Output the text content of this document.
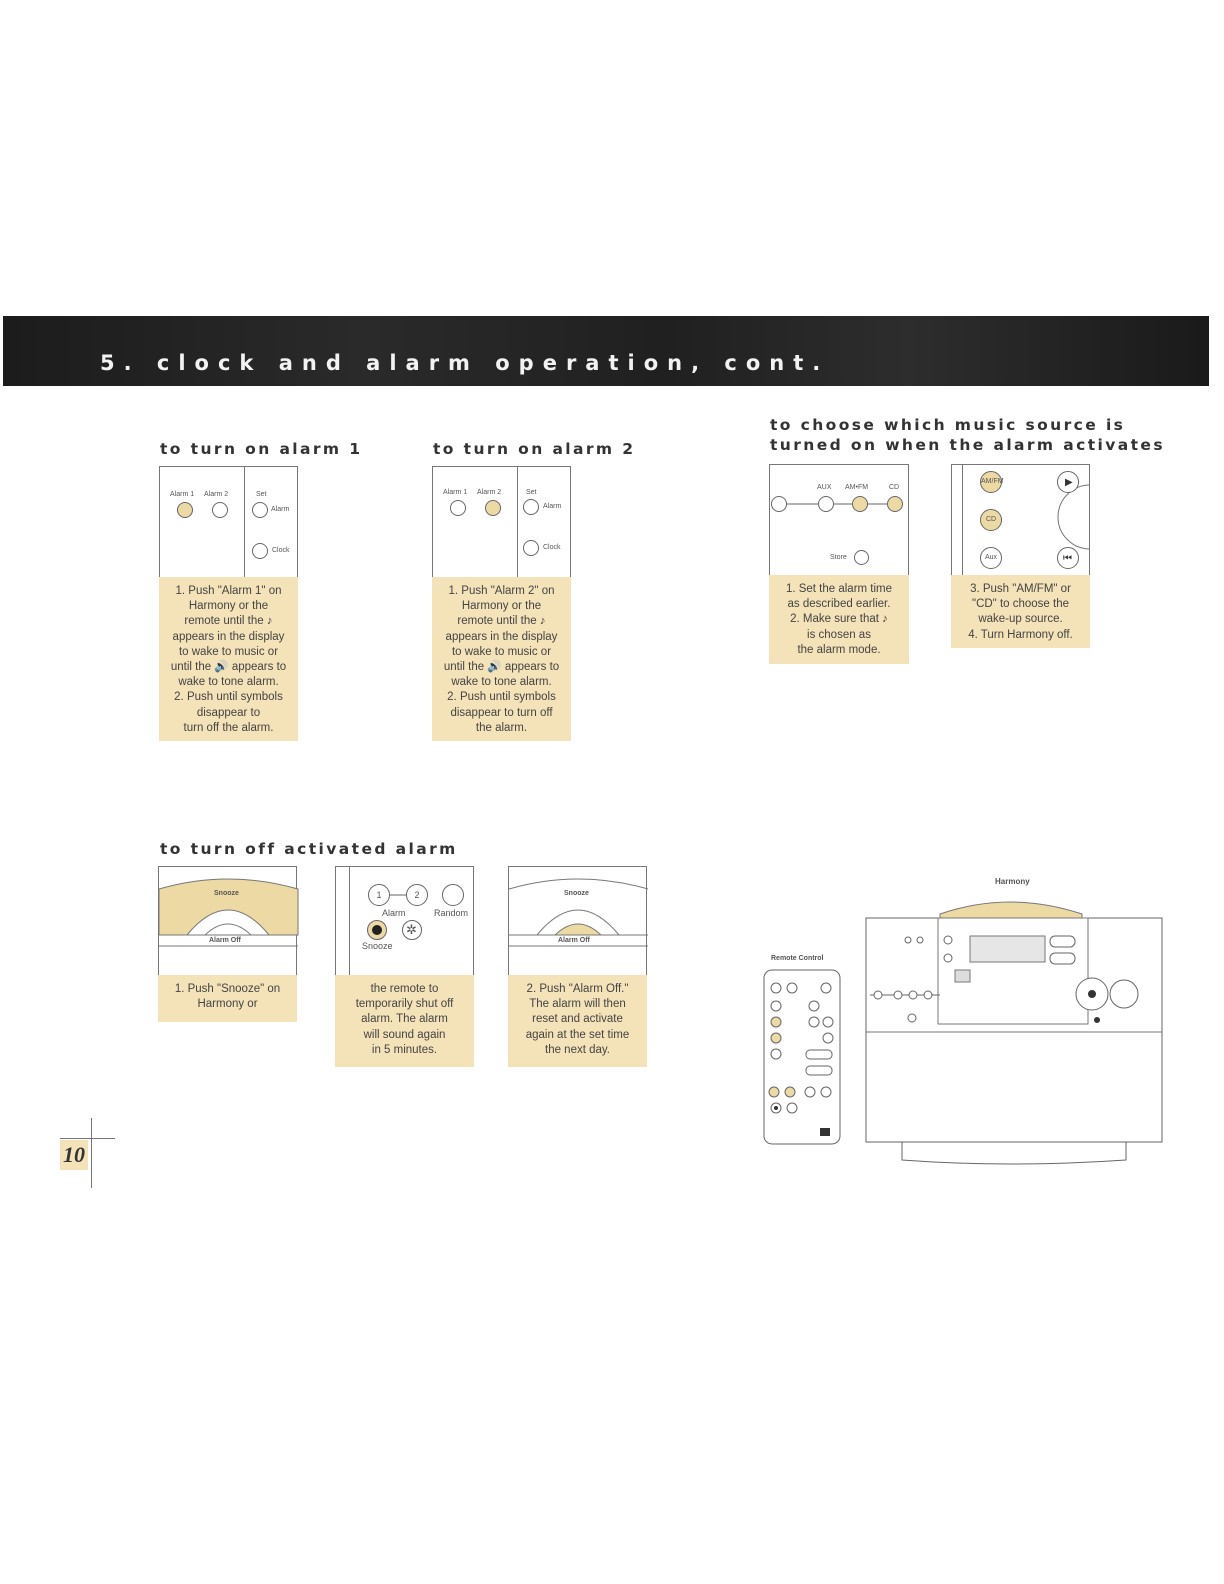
5. clock and alarm operation, cont.
to turn on alarm 1
Alarm 1 Alarm 2	Set
Alarm
Clock
1. Push "Alarm 1" on
Harmony or the
remote until the ♪
appears in the display
to wake to music or
until the 🔊 appears to
wake to tone alarm.
2. Push until symbols
disappear to
turn off the alarm.
to turn on alarm 2
Alarm 1 Alarm 2	Set
Alarm
Clock
1. Push "Alarm 2" on
Harmony or the
remote until the ♪
appears in the display
to wake to music or
until the 🔊 appears to
wake to tone alarm.
2. Push until symbols
disappear to turn off
the alarm.
to choose which music source is
turned on when the alarm activates
AUX AM•FM	CD
Store
1. Set the alarm time
as described earlier.
2. Make sure that ♪
is chosen as
the alarm mode.
AM/FM
CD
Aux
▶
⏮
3. Push "AM/FM" or
"CD" to choose the
wake-up source.
4. Turn Harmony off.
to turn off activated alarm
Snooze
Alarm Off
1. Push "Snooze" on
Harmony or
1	2
Alarm	Random
✲
Snooze
the remote to
temporarily shut off
alarm. The alarm
will sound again
in 5 minutes.
Snooze
Alarm Off
2. Push "Alarm Off."
The alarm will then
reset and activate
again at the set time
the next day.
Harmony
Remote Control
10
